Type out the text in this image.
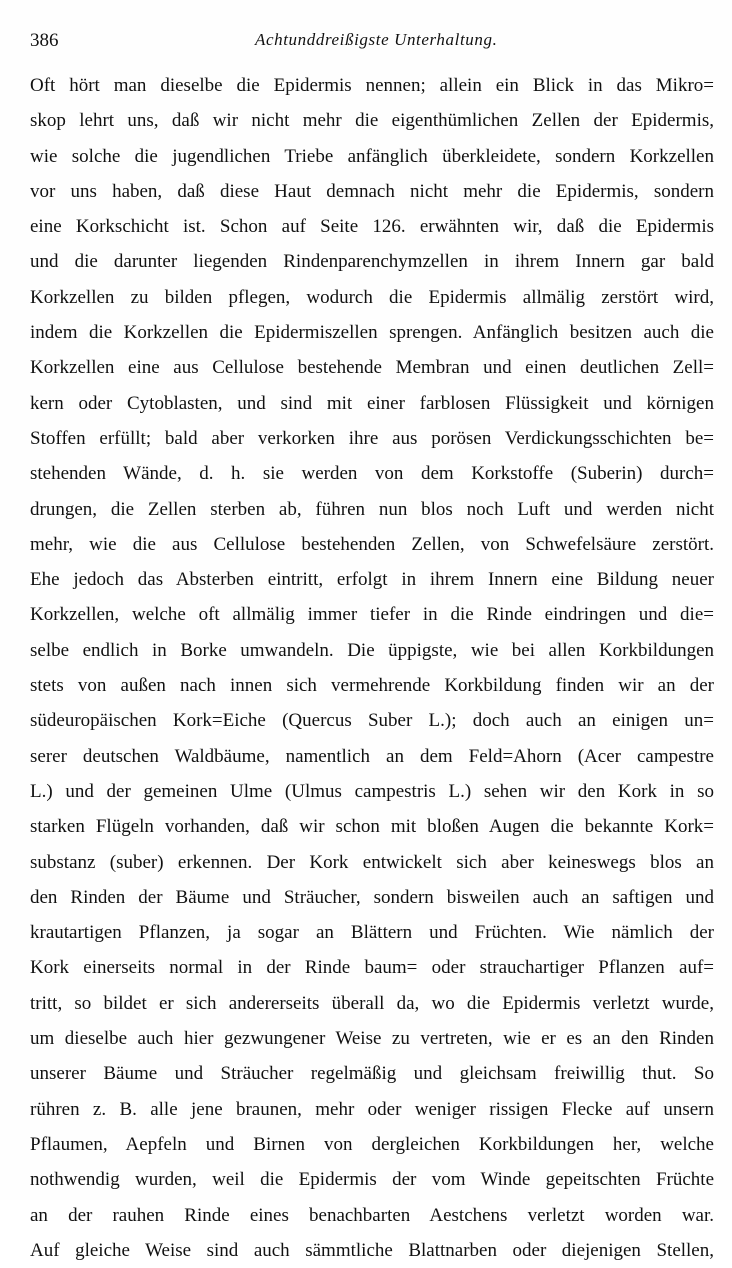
386	Achtunddreißigste Unterhaltung.
Oft hört man dieselbe die Epidermis nennen; allein ein Blick in das Mikro=
skop lehrt uns, daß wir nicht mehr die eigenthümlichen Zellen der Epidermis,
wie solche die jugendlichen Triebe anfänglich überkleidete, sondern Korkzellen
vor uns haben, daß diese Haut demnach nicht mehr die Epidermis, sondern
eine Korkschicht ist. Schon auf Seite 126. erwähnten wir, daß die Epidermis
und die darunter liegenden Rindenparenchymzellen in ihrem Innern gar bald
Korkzellen zu bilden pflegen, wodurch die Epidermis allmälig zerstört wird,
indem die Korkzellen die Epidermiszellen sprengen. Anfänglich besitzen auch die
Korkzellen eine aus Cellulose bestehende Membran und einen deutlichen Zell=
kern oder Cytoblasten, und sind mit einer farblosen Flüssigkeit und körnigen
Stoffen erfüllt; bald aber verkorken ihre aus porösen Verdickungsschichten be=
stehenden Wände, d. h. sie werden von dem Korkstoffe (Suberin) durch=
drungen, die Zellen sterben ab, führen nun blos noch Luft und werden nicht
mehr, wie die aus Cellulose bestehenden Zellen, von Schwefelsäure zerstört.
Ehe jedoch das Absterben eintritt, erfolgt in ihrem Innern eine Bildung neuer
Korkzellen, welche oft allmälig immer tiefer in die Rinde eindringen und die=
selbe endlich in Borke umwandeln. Die üppigste, wie bei allen Korkbildungen
stets von außen nach innen sich vermehrende Korkbildung finden wir an der
südeuropäischen Kork=Eiche (Quercus Suber L.); doch auch an einigen un=
serer deutschen Waldbäume, namentlich an dem Feld=Ahorn (Acer campestre
L.) und der gemeinen Ulme (Ulmus campestris L.) sehen wir den Kork in so
starken Flügeln vorhanden, daß wir schon mit bloßen Augen die bekannte Kork=
substanz (suber) erkennen. Der Kork entwickelt sich aber keineswegs blos an
den Rinden der Bäume und Sträucher, sondern bisweilen auch an saftigen und
krautartigen Pflanzen, ja sogar an Blättern und Früchten. Wie nämlich der
Kork einerseits normal in der Rinde baum= oder strauchartiger Pflanzen auf=
tritt, so bildet er sich andererseits überall da, wo die Epidermis verletzt wurde,
um dieselbe auch hier gezwungener Weise zu vertreten, wie er es an den Rinden
unserer Bäume und Sträucher regelmäßig und gleichsam freiwillig thut. So
rühren z. B. alle jene braunen, mehr oder weniger rissigen Flecke auf unsern
Pflaumen, Aepfeln und Birnen von dergleichen Korkbildungen her, welche
nothwendig wurden, weil die Epidermis der vom Winde gepeitschten Früchte
an der rauhen Rinde eines benachbarten Aestchens verletzt worden war.
Auf gleiche Weise sind auch sämmtliche Blattnarben oder diejenigen Stellen,
